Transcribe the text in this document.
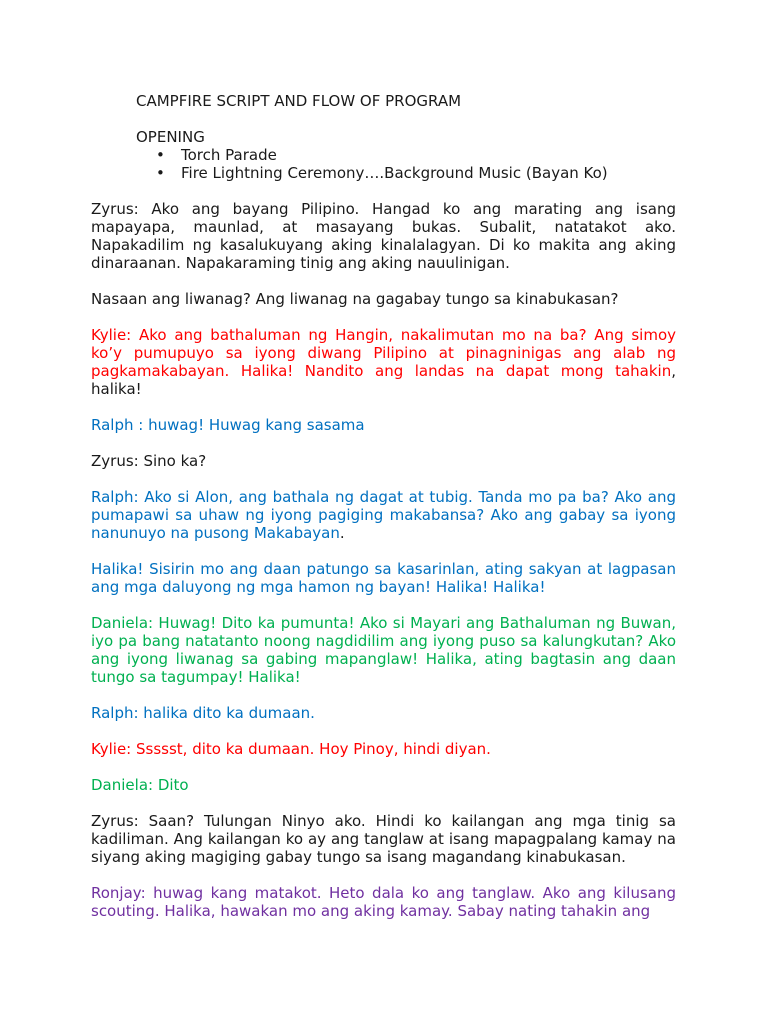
CAMPFIRE SCRIPT AND FLOW OF PROGRAM
OPENING
• Torch Parade
• Fire Lightning Ceremony….Background Music (Bayan Ko)

Zyrus: Ako ang bayang Pilipino. Hangad ko ang marating ang isang mapayapa, maunlad, at masayang bukas. Subalit, natatakot ako. Napakadilim ng kasalukuyang aking kinalalagyan. Di ko makita ang aking dinaraanan. Napakaraming tinig ang aking nauulinigan.

Nasaan ang liwanag? Ang liwanag na gagabay tungo sa kinabukasan?

Kylie: Ako ang bathaluman ng Hangin, nakalimutan mo na ba? Ang simoy ko’y pumupuyo sa iyong diwang Pilipino at pinagninigas ang alab ng pagkamakabayan. Halika! Nandito ang landas na dapat mong tahakin, halika!

Ralph : huwag! Huwag kang sasama

Zyrus: Sino ka?

Ralph: Ako si Alon, ang bathala ng dagat at tubig. Tanda mo pa ba? Ako ang pumapawi sa uhaw ng iyong pagiging makabansa? Ako ang gabay sa iyong nanunuyo na pusong Makabayan.

Halika! Sisirin mo ang daan patungo sa kasarinlan, ating sakyan at lagpasan ang mga daluyong ng mga hamon ng bayan! Halika! Halika!

Daniela: Huwag! Dito ka pumunta! Ako si Mayari ang Bathaluman ng Buwan, iyo pa bang natatanto noong nagdidilim ang iyong puso sa kalungkutan? Ako ang iyong liwanag sa gabing mapanglaw! Halika, ating bagtasin ang daan tungo sa tagumpay! Halika!

Ralph: halika dito ka dumaan.

Kylie: Ssssst, dito ka dumaan. Hoy Pinoy, hindi diyan.

Daniela: Dito

Zyrus: Saan? Tulungan Ninyo ako. Hindi ko kailangan ang mga tinig sa kadiliman. Ang kailangan ko ay ang tanglaw at isang mapagpalang kamay na siyang aking magiging gabay tungo sa isang magandang kinabukasan.

Ronjay: huwag kang matakot. Heto dala ko ang tanglaw. Ako ang kilusang scouting. Halika, hawakan mo ang aking kamay. Sabay nating tahakin ang
